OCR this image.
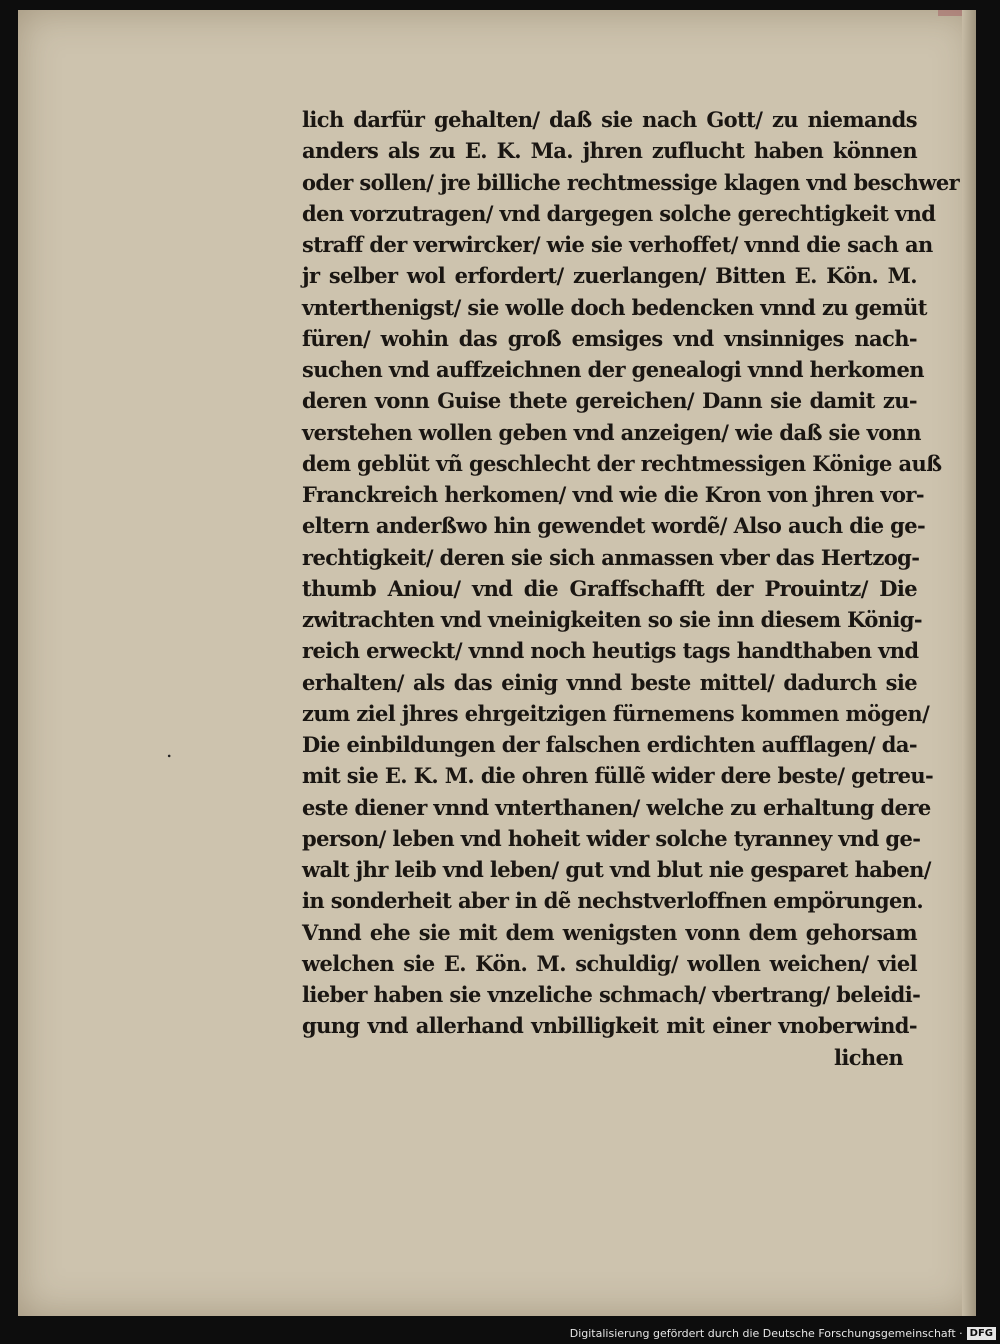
.
lich darfür gehalten/ daß sie nach Gott/ zu niemands
anders als zu E. K. Ma. jhren zuflucht haben können
oder sollen/ jre billiche rechtmessige klagen vnd beschwer
den vorzutragen/ vnd dargegen solche gerechtigkeit vnd
straff der verwircker/ wie sie verhoffet/ vnnd die sach an
jr selber wol erfordert/ zuerlangen/ Bitten E. Kön. M.
vnterthenigst/ sie wolle doch bedencken vnnd zu gemüt
füren/ wohin das groß emsiges vnd vnsinniges nach-
suchen vnd auffzeichnen der genealogi vnnd herkomen
deren vonn Guise thete gereichen/ Dann sie damit zu-
verstehen wollen geben vnd anzeigen/ wie daß sie vonn
dem geblüt vñ geschlecht der rechtmessigen Könige auß
Franckreich herkomen/ vnd wie die Kron von jhren vor-
eltern anderßwo hin gewendet wordẽ/ Also auch die ge-
rechtigkeit/ deren sie sich anmassen vber das Hertzog-
thumb Aniou/ vnd die Graffschafft der Prouintz/ Die
zwitrachten vnd vneinigkeiten so sie inn diesem König-
reich erweckt/ vnnd noch heutigs tags handthaben vnd
erhalten/ als das einig vnnd beste mittel/ dadurch sie
zum ziel jhres ehrgeitzigen fürnemens kommen mögen/
Die einbildungen der falschen erdichten aufflagen/ da-
mit sie E. K. M. die ohren füllẽ wider dere beste/ getreu-
este diener vnnd vnterthanen/ welche zu erhaltung dere
person/ leben vnd hoheit wider solche tyranney vnd ge-
walt jhr leib vnd leben/ gut vnd blut nie gesparet haben/
in sonderheit aber in dẽ nechstverloffnen empörungen.
Vnnd ehe sie mit dem wenigsten vonn dem gehorsam
welchen sie E. Kön. M. schuldig/ wollen weichen/ viel
lieber haben sie vnzeliche schmach/ vbertrang/ beleidi-
gung vnd allerhand vnbilligkeit mit einer vnoberwind-
lichen
Digitalisierung gefördert durch die Deutsche Forschungsgemeinschaft · DFG
